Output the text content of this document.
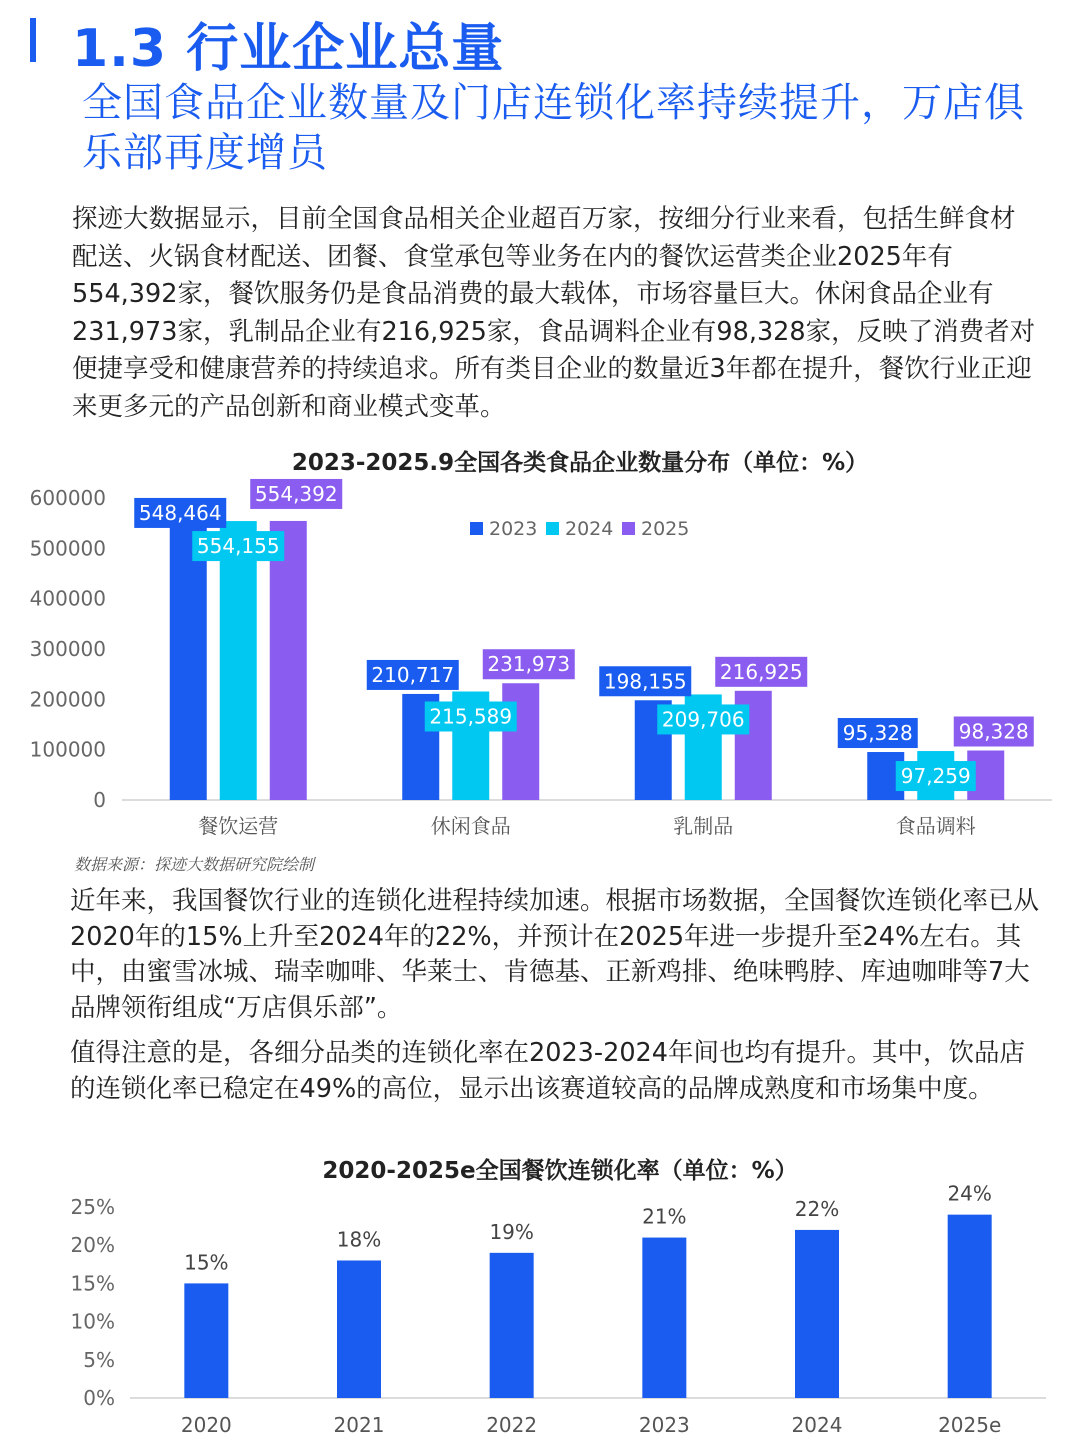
1.3 行业企业总量
全国食品企业数量及门店连锁化率持续提升，万店俱乐部再度增员
探迹大数据显示，目前全国食品相关企业超百万家，按细分行业来看，包括生鲜食材配送、火锅食材配送、团餐、食堂承包等业务在内的餐饮运营类企业2025年有554,392家，餐饮服务仍是食品消费的最大载体，市场容量巨大。休闲食品企业有231,973家，乳制品企业有216,925家，食品调料企业有98,328家，反映了消费者对便捷享受和健康营养的持续追求。所有类目企业的数量近3年都在提升，餐饮行业正迎来更多元的产品创新和商业模式变革。
2023-2025.9全国各类食品企业数量分布（单位：%）
0
100000
200000
300000
400000
500000
600000
餐饮运营
548,464
554,155
554,392
休闲食品
210,717
215,589
231,973
乳制品
198,155
209,706
216,925
食品调料
95,328
97,259
98,328
2023 2024 2025
数据来源：探迹大数据研究院绘制
近年来，我国餐饮行业的连锁化进程持续加速。根据市场数据，全国餐饮连锁化率已从2020年的15%上升至2024年的22%，并预计在2025年进一步提升至24%左右。其中，由蜜雪冰城、瑞幸咖啡、华莱士、肯德基、正新鸡排、绝味鸭脖、库迪咖啡等7大品牌领衔组成“万店俱乐部”。
值得注意的是，各细分品类的连锁化率在2023-2024年间也均有提升。其中，饮品店的连锁化率已稳定在49%的高位，显示出该赛道较高的品牌成熟度和市场集中度。
2020-2025e全国餐饮连锁化率（单位：%）
0%
5%
10%
15%
20%
25%
15%
2020
18%
2021
19%
2022
21%
2023
22%
2024
24%
2025e
